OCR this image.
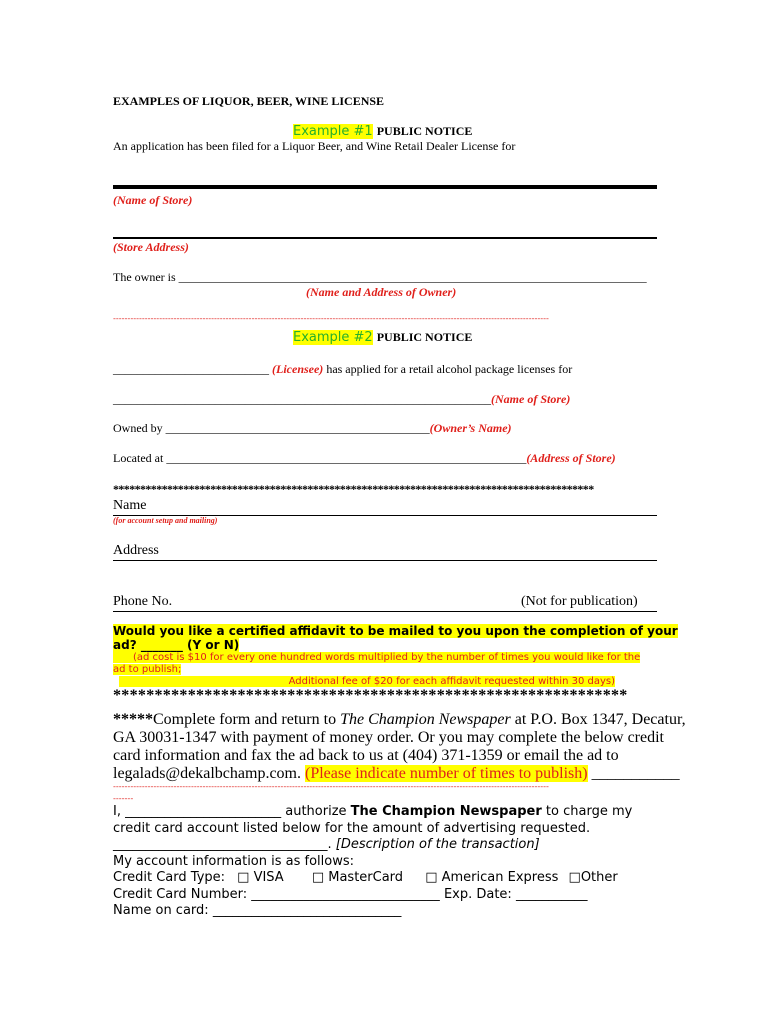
EXAMPLES OF LIQUOR, BEER, WINE LICENSE
Example #1 PUBLIC NOTICE
An application has been filed for a Liquor Beer, and Wine Retail Dealer License for
(Name of Store)
(Store Address)
The owner is ______________________________________________________________________________
(Name and Address of Owner)
-------------------------------------------------------------------------------------------------------------------------------------------------------
Example #2 PUBLIC NOTICE
__________________________ (Licensee) has applied for a retail alcohol package licenses for
_______________________________________________________________(Name of Store)
Owned by ____________________________________________(Owner’s Name)
Located at ____________________________________________________________(Address of Store)
*****************************************************************************************
Name
(for account setup and mailing)
Address
Phone No.	(Not for publication)
Would you like a certified affidavit to be mailed to you upon the completion of your
ad? _______ (Y or N)
(ad cost is $10 for every one hundred words multiplied by the number of times you would like for the
ad to publish;
Additional fee of $20 for each affidavit requested within 30 days)
**************************************************************
*****Complete form and return to The Champion Newspaper at P.O. Box 1347, Decatur,
GA 30031-1347 with payment of money order. Or you may complete the below credit
card information and fax the ad back to us at (404) 371-1359 or email the ad to
legalads@dekalbchamp.com. (Please indicate number of times to publish) ___________
-------------------------------------------------------------------------------------------------------------------------------------------------------
-------
I, ________________________ authorize The Champion Newspaper to charge my
credit card account listed below for the amount of advertising requested.
_________________________________. [Description of the transaction]
My account information is as follows:
Credit Card Type: □ VISA □ MasterCard □ American Express □Other
Credit Card Number: _____________________________ Exp. Date: ___________
Name on card: _____________________________
